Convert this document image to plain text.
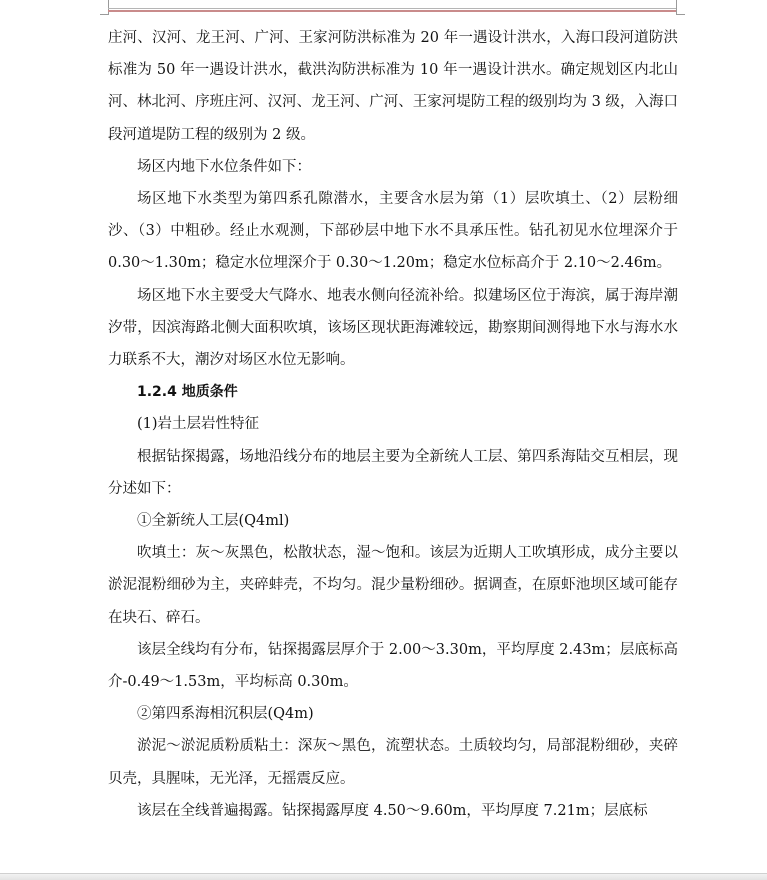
庄河、汉河、龙王河、广河、王家河防洪标准为 20 年一遇设计洪水，入海口段河道防洪标准为 50 年一遇设计洪水，截洪沟防洪标准为 10 年一遇设计洪水。确定规划区内北山河、林北河、序班庄河、汉河、龙王河、广河、王家河堤防工程的级别均为 3 级，入海口段河道堤防工程的级别为 2 级。

场区内地下水位条件如下：

场区地下水类型为第四系孔隙潜水，主要含水层为第（1）层吹填土、（2）层粉细沙、（3）中粗砂。经止水观测，下部砂层中地下水不具承压性。钻孔初见水位埋深介于 0.30～1.30m；稳定水位埋深介于 0.30～1.20m；稳定水位标高介于 2.10～2.46m。

场区地下水主要受大气降水、地表水侧向径流补给。拟建场区位于海滨，属于海岸潮汐带，因滨海路北侧大面积吹填，该场区现状距海滩较远，勘察期间测得地下水与海水水力联系不大，潮汐对场区水位无影响。

1.2.4 地质条件

(1)岩土层岩性特征

根据钻探揭露，场地沿线分布的地层主要为全新统人工层、第四系海陆交互相层，现分述如下：

①全新统人工层(Q4ml)

吹填土：灰～灰黑色，松散状态，湿～饱和。该层为近期人工吹填形成，成分主要以淤泥混粉细砂为主，夹碎蚌壳，不均匀。混少量粉细砂。据调查，在原虾池坝区域可能存在块石、碎石。

该层全线均有分布，钻探揭露层厚介于 2.00～3.30m，平均厚度 2.43m；层底标高介-0.49～1.53m，平均标高 0.30m。

②第四系海相沉积层(Q4m)

淤泥～淤泥质粉质粘土：深灰～黑色，流塑状态。土质较均匀，局部混粉细砂，夹碎贝壳，具腥味，无光泽，无摇震反应。

该层在全线普遍揭露。钻探揭露厚度 4.50～9.60m，平均厚度 7.21m；层底标
